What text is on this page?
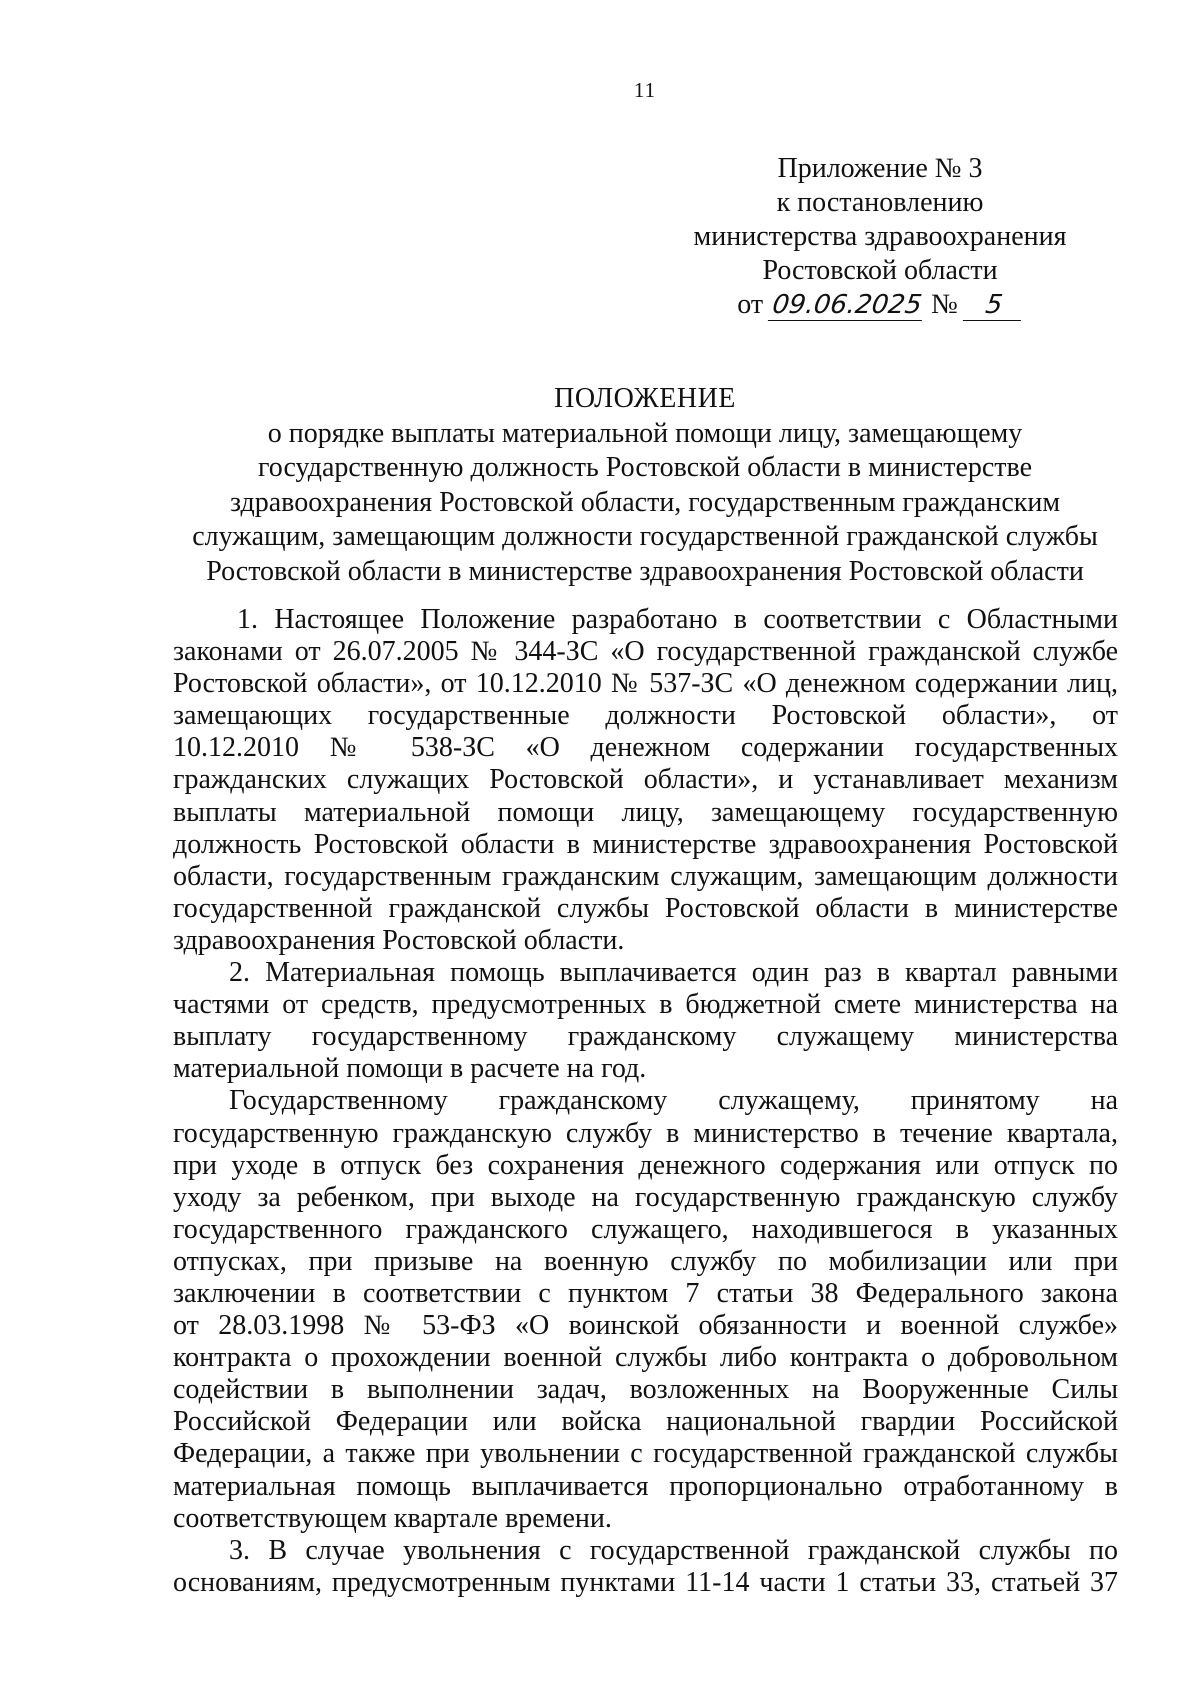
11
Приложение № 3
к постановлению
министерства здравоохранения
Ростовской области
от 09.06.2025 № 5
ПОЛОЖЕНИЕ
о порядке выплаты материальной помощи лицу, замещающему
государственную должность Ростовской области в министерстве
здравоохранения Ростовской области, государственным гражданским
служащим, замещающим должности государственной гражданской службы
Ростовской области в министерстве здравоохранения Ростовской области
1. Настоящее Положение разработано в соответствии с Областными
законами от 26.07.2005 № 344-ЗС «О государственной гражданской службе
Ростовской области», от 10.12.2010 № 537-ЗС «О денежном содержании лиц,
замещающих государственные должности Ростовской области», от
10.12.2010 № 538-ЗС «О денежном содержании государственных
гражданских служащих Ростовской области», и устанавливает механизм
выплаты материальной помощи лицу, замещающему государственную
должность Ростовской области в министерстве здравоохранения Ростовской
области, государственным гражданским служащим, замещающим должности
государственной гражданской службы Ростовской области в министерстве
здравоохранения Ростовской области.
2. Материальная помощь выплачивается один раз в квартал равными
частями от средств, предусмотренных в бюджетной смете министерства на
выплату государственному гражданскому служащему министерства
материальной помощи в расчете на год.
Государственному гражданскому служащему, принятому на
государственную гражданскую службу в министерство в течение квартала,
при уходе в отпуск без сохранения денежного содержания или отпуск по
уходу за ребенком, при выходе на государственную гражданскую службу
государственного гражданского служащего, находившегося в указанных
отпусках, при призыве на военную службу по мобилизации или при
заключении в соответствии с пунктом 7 статьи 38 Федерального закона
от 28.03.1998 № 53-ФЗ «О воинской обязанности и военной службе»
контракта о прохождении военной службы либо контракта о добровольном
содействии в выполнении задач, возложенных на Вооруженные Силы
Российской Федерации или войска национальной гвардии Российской
Федерации, а также при увольнении с государственной гражданской службы
материальная помощь выплачивается пропорционально отработанному в
соответствующем квартале времени.
3. В случае увольнения с государственной гражданской службы по
основаниям, предусмотренным пунктами 11-14 части 1 статьи 33, статьей 37
